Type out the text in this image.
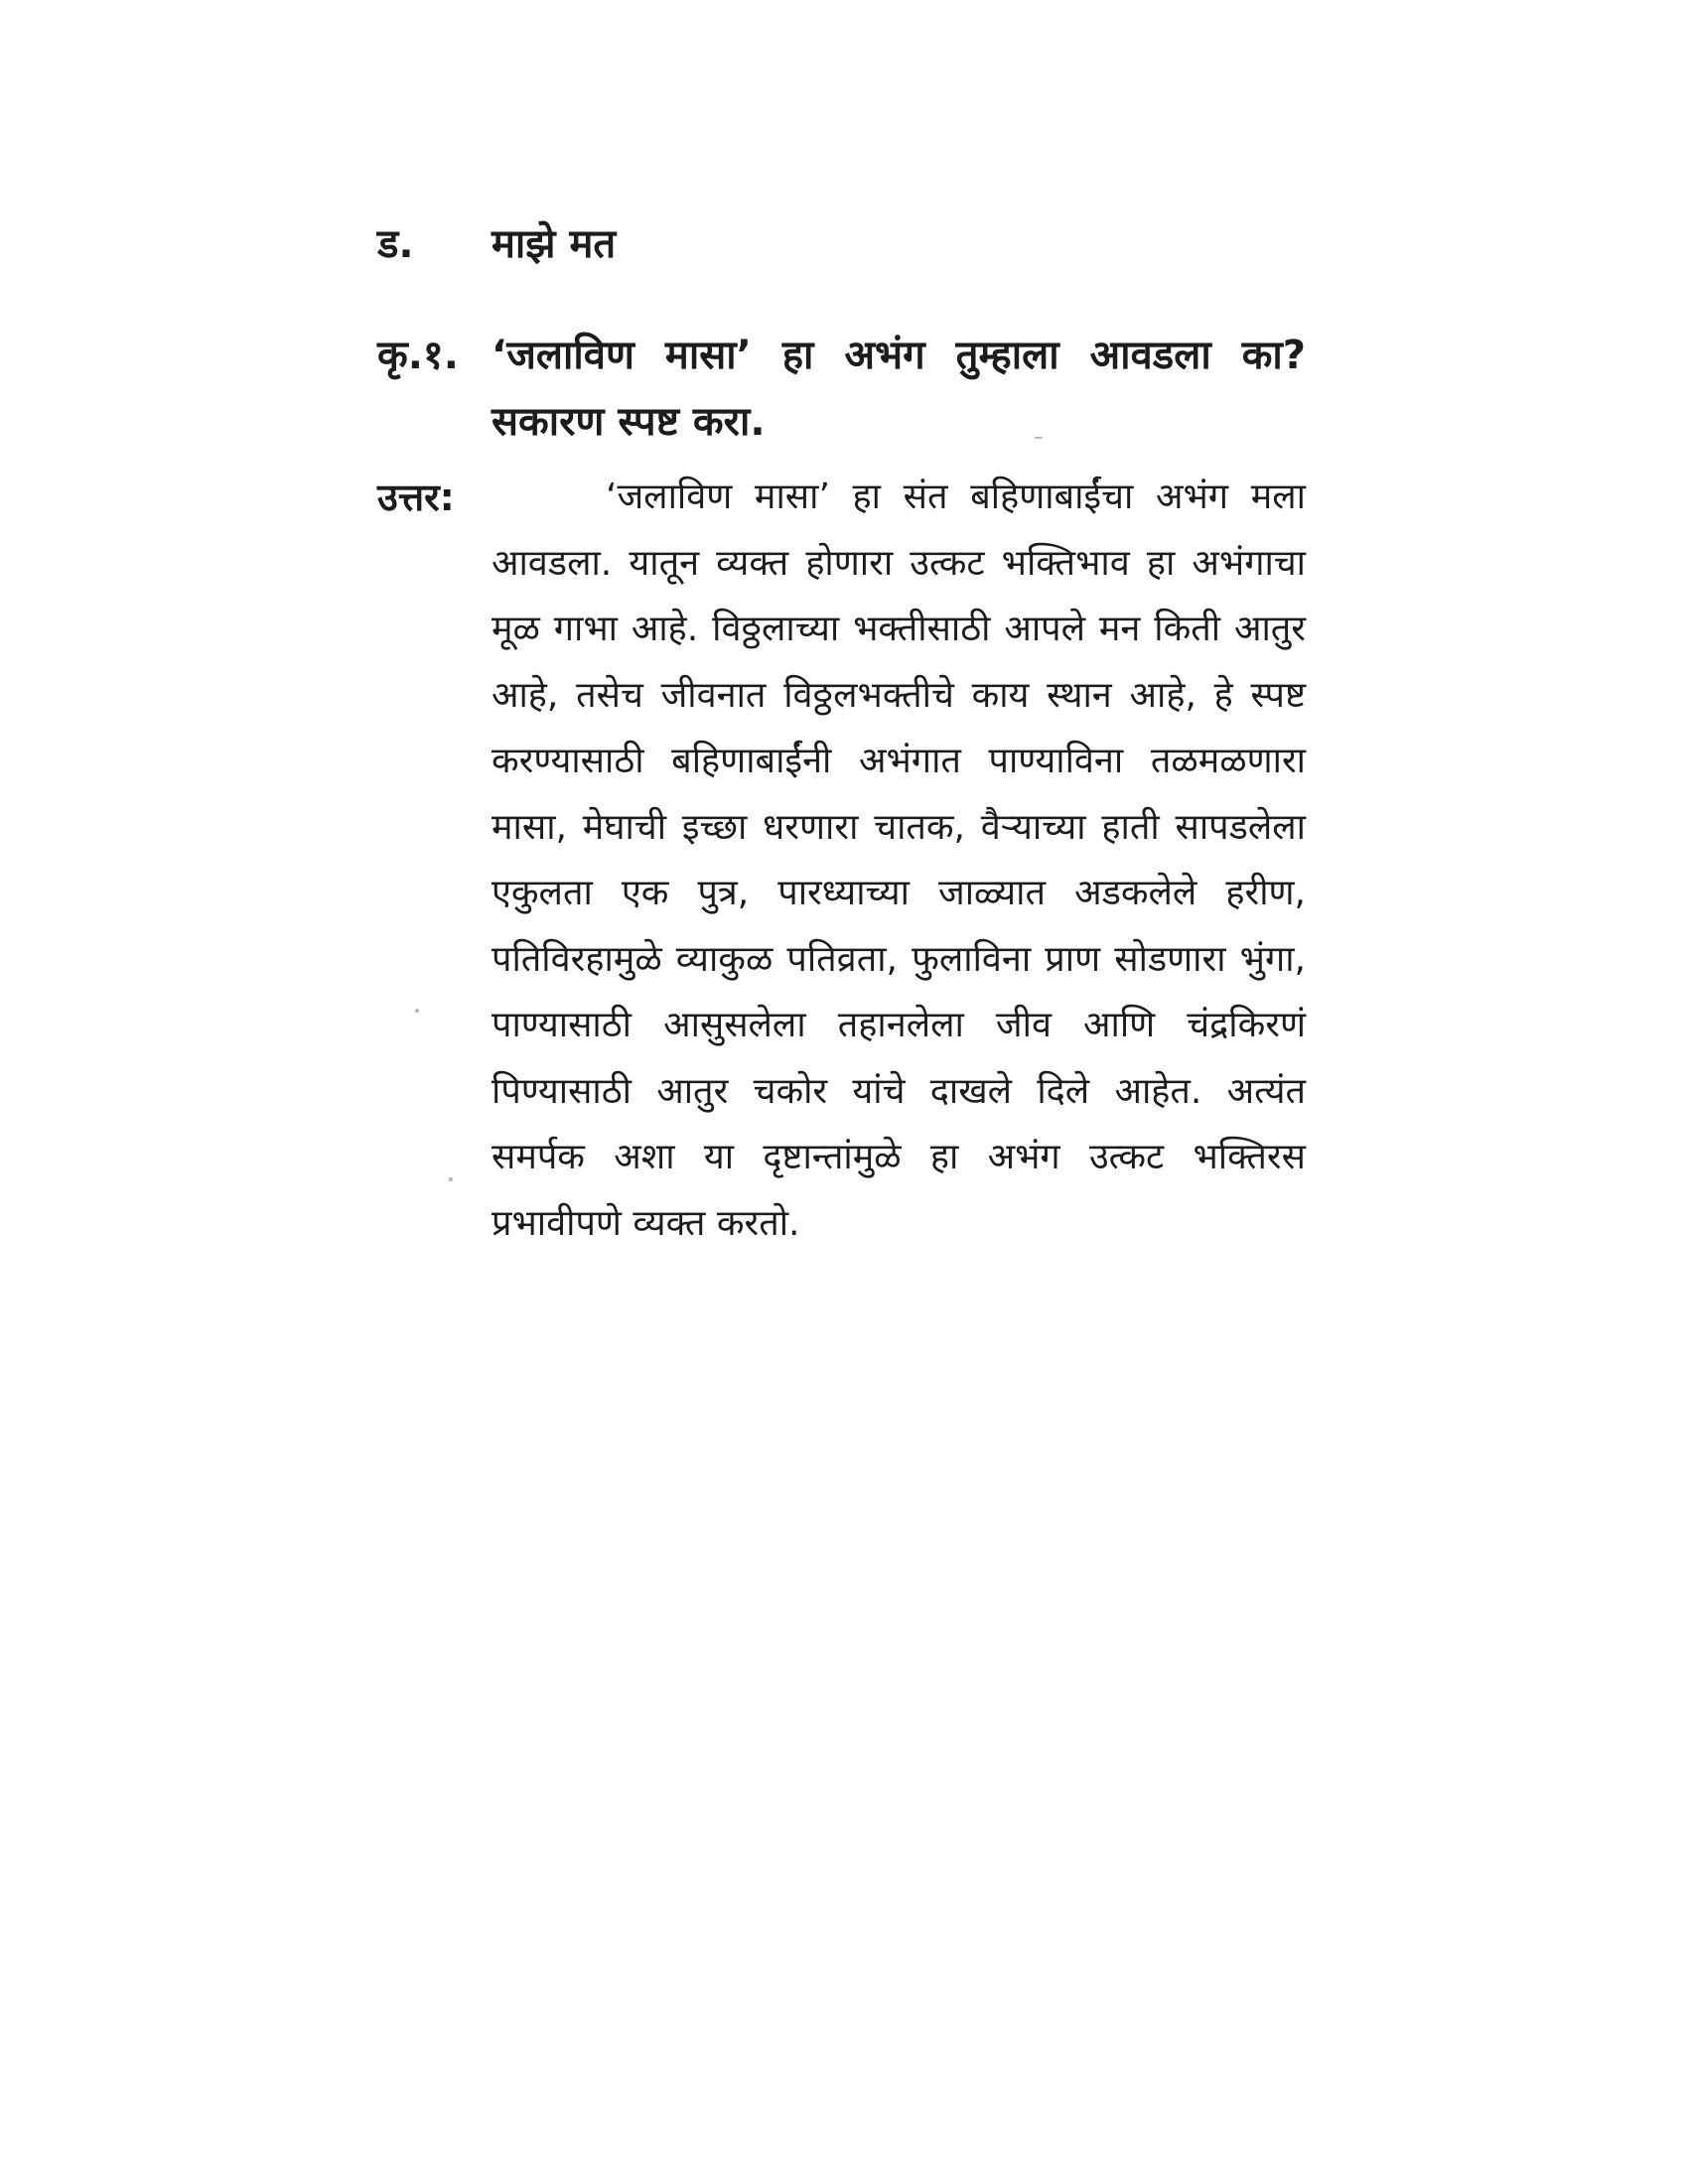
ड.	माझे मत
कृ.१. ‘जलाविण मासा’ हा अभंग तुम्हाला आवडला का? सकारण स्पष्ट करा.
उत्तर:	‘जलाविण मासा’ हा संत बहिणाबाईंचा अभंग मला आवडला. यातून व्यक्त होणारा उत्कट भक्तिभाव हा अभंगाचा मूळ गाभा आहे. विठ्ठलाच्या भक्तीसाठी आपले मन किती आतुर आहे, तसेच जीवनात विठ्ठलभक्तीचे काय स्थान आहे, हे स्पष्ट करण्यासाठी बहिणाबाईंनी अभंगात पाण्याविना तळमळणारा मासा, मेघाची इच्छा धरणारा चातक, वैऱ्याच्या हाती सापडलेला एकुलता एक पुत्र, पारध्याच्या जाळ्यात अडकलेले हरीण, पतिविरहामुळे व्याकुळ पतिव्रता, फुलाविना प्राण सोडणारा भुंगा, पाण्यासाठी आसुसलेला तहानलेला जीव आणि चंद्रकिरणं पिण्यासाठी आतुर चकोर यांचे दाखले दिले आहेत. अत्यंत समर्पक अशा या दृष्टान्तांमुळे हा अभंग उत्कट भक्तिरस प्रभावीपणे व्यक्त करतो.
